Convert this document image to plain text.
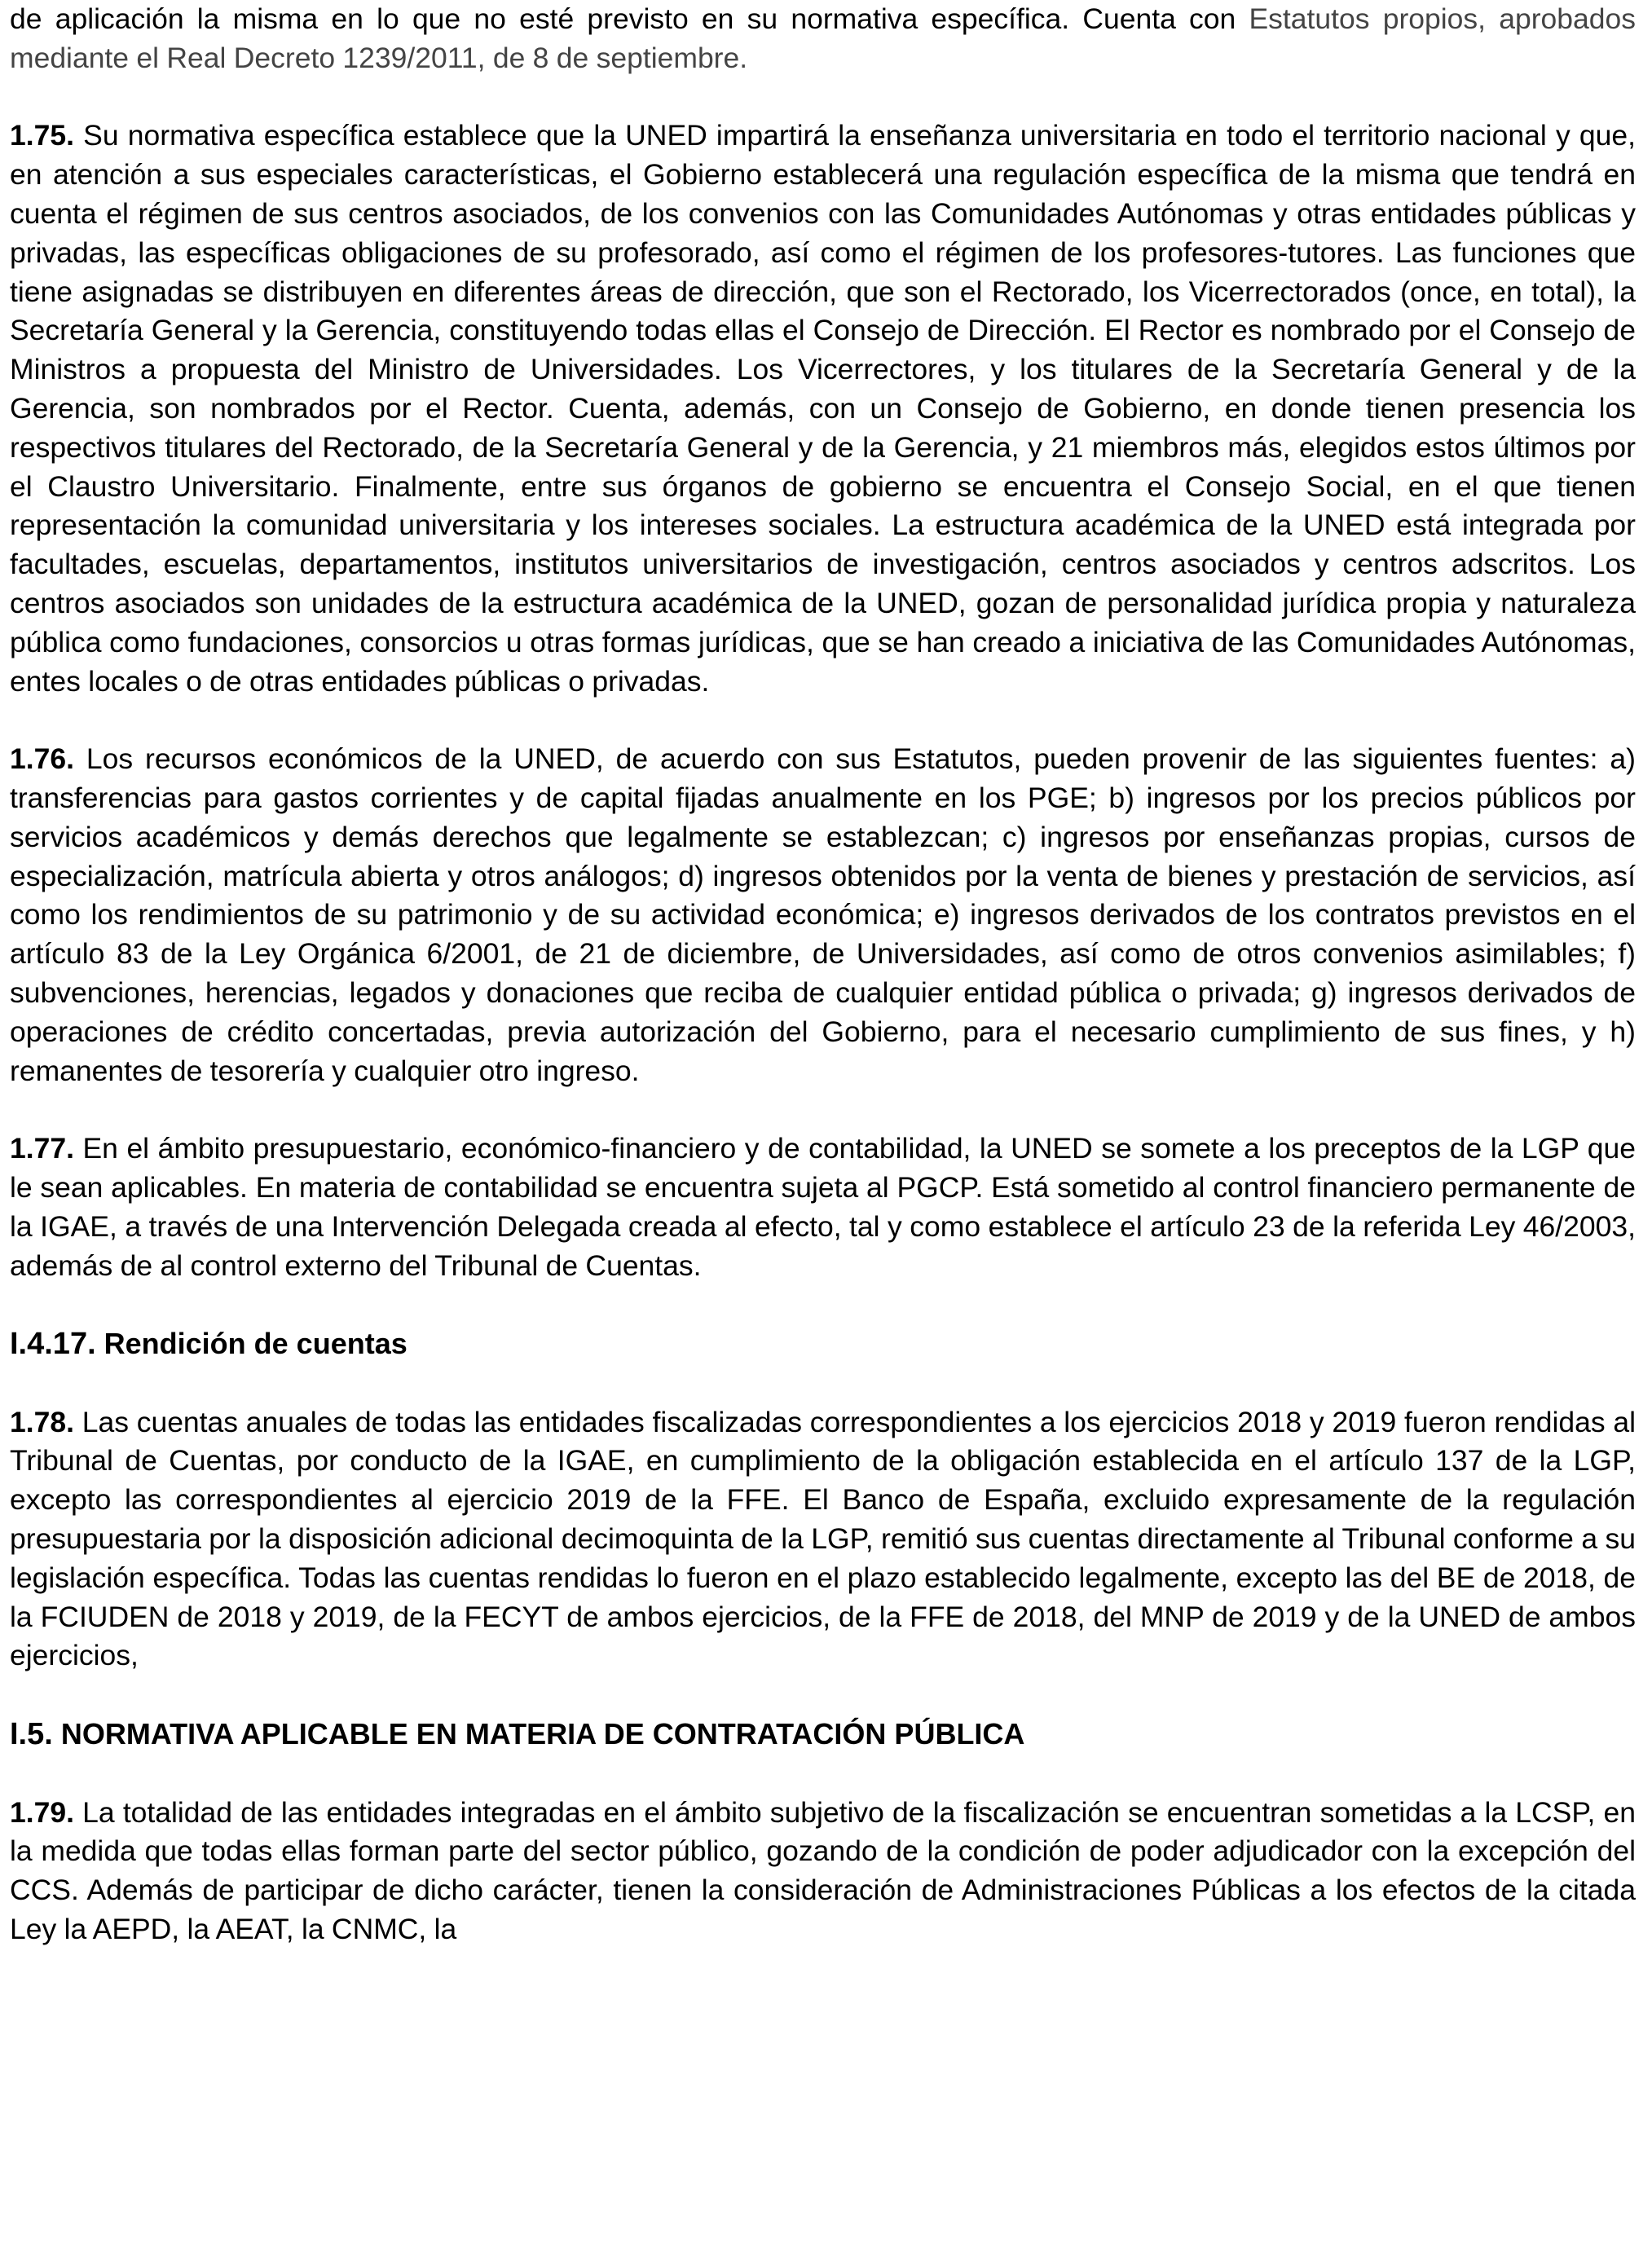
de aplicación la misma en lo que no esté previsto en su normativa específica. Cuenta con Estatutos propios, aprobados mediante el Real Decreto 1239/2011, de 8 de septiembre.

1.75. Su normativa específica establece que la UNED impartirá la enseñanza universitaria en todo el territorio nacional y que, en atención a sus especiales características, el Gobierno establecerá una regulación específica de la misma que tendrá en cuenta el régimen de sus centros asociados, de los convenios con las Comunidades Autónomas y otras entidades públicas y privadas, las específicas obligaciones de su profesorado, así como el régimen de los profesores-tutores. Las funciones que tiene asignadas se distribuyen en diferentes áreas de dirección, que son el Rectorado, los Vicerrectorados (once, en total), la Secretaría General y la Gerencia, constituyendo todas ellas el Consejo de Dirección. El Rector es nombrado por el Consejo de Ministros a propuesta del Ministro de Universidades. Los Vicerrectores, y los titulares de la Secretaría General y de la Gerencia, son nombrados por el Rector. Cuenta, además, con un Consejo de Gobierno, en donde tienen presencia los respectivos titulares del Rectorado, de la Secretaría General y de la Gerencia, y 21 miembros más, elegidos estos últimos por el Claustro Universitario. Finalmente, entre sus órganos de gobierno se encuentra el Consejo Social, en el que tienen representación la comunidad universitaria y los intereses sociales. La estructura académica de la UNED está integrada por facultades, escuelas, departamentos, institutos universitarios de investigación, centros asociados y centros adscritos. Los centros asociados son unidades de la estructura académica de la UNED, gozan de personalidad jurídica propia y naturaleza pública como fundaciones, consorcios u otras formas jurídicas, que se han creado a iniciativa de las Comunidades Autónomas, entes locales o de otras entidades públicas o privadas.

1.76. Los recursos económicos de la UNED, de acuerdo con sus Estatutos, pueden provenir de las siguientes fuentes: a) transferencias para gastos corrientes y de capital fijadas anualmente en los PGE; b) ingresos por los precios públicos por servicios académicos y demás derechos que legalmente se establezcan; c) ingresos por enseñanzas propias, cursos de especialización, matrícula abierta y otros análogos; d) ingresos obtenidos por la venta de bienes y prestación de servicios, así como los rendimientos de su patrimonio y de su actividad económica; e) ingresos derivados de los contratos previstos en el artículo 83 de la Ley Orgánica 6/2001, de 21 de diciembre, de Universidades, así como de otros convenios asimilables; f) subvenciones, herencias, legados y donaciones que reciba de cualquier entidad pública o privada; g) ingresos derivados de operaciones de crédito concertadas, previa autorización del Gobierno, para el necesario cumplimiento de sus fines, y h) remanentes de tesorería y cualquier otro ingreso.

1.77. En el ámbito presupuestario, económico-financiero y de contabilidad, la UNED se somete a los preceptos de la LGP que le sean aplicables. En materia de contabilidad se encuentra sujeta al PGCP. Está sometido al control financiero permanente de la IGAE, a través de una Intervención Delegada creada al efecto, tal y como establece el artículo 23 de la referida Ley 46/2003, además de al control externo del Tribunal de Cuentas.

I.4.17. Rendición de cuentas

1.78. Las cuentas anuales de todas las entidades fiscalizadas correspondientes a los ejercicios 2018 y 2019 fueron rendidas al Tribunal de Cuentas, por conducto de la IGAE, en cumplimiento de la obligación establecida en el artículo 137 de la LGP, excepto las correspondientes al ejercicio 2019 de la FFE. El Banco de España, excluido expresamente de la regulación presupuestaria por la disposición adicional decimoquinta de la LGP, remitió sus cuentas directamente al Tribunal conforme a su legislación específica. Todas las cuentas rendidas lo fueron en el plazo establecido legalmente, excepto las del BE de 2018, de la FCIUDEN de 2018 y 2019, de la FECYT de ambos ejercicios, de la FFE de 2018, del MNP de 2019 y de la UNED de ambos ejercicios,

I.5. NORMATIVA APLICABLE EN MATERIA DE CONTRATACIÓN PÚBLICA

1.79. La totalidad de las entidades integradas en el ámbito subjetivo de la fiscalización se encuentran sometidas a la LCSP, en la medida que todas ellas forman parte del sector público, gozando de la condición de poder adjudicador con la excepción del CCS. Además de participar de dicho carácter, tienen la consideración de Administraciones Públicas a los efectos de la citada Ley la AEPD, la AEAT, la CNMC, la
